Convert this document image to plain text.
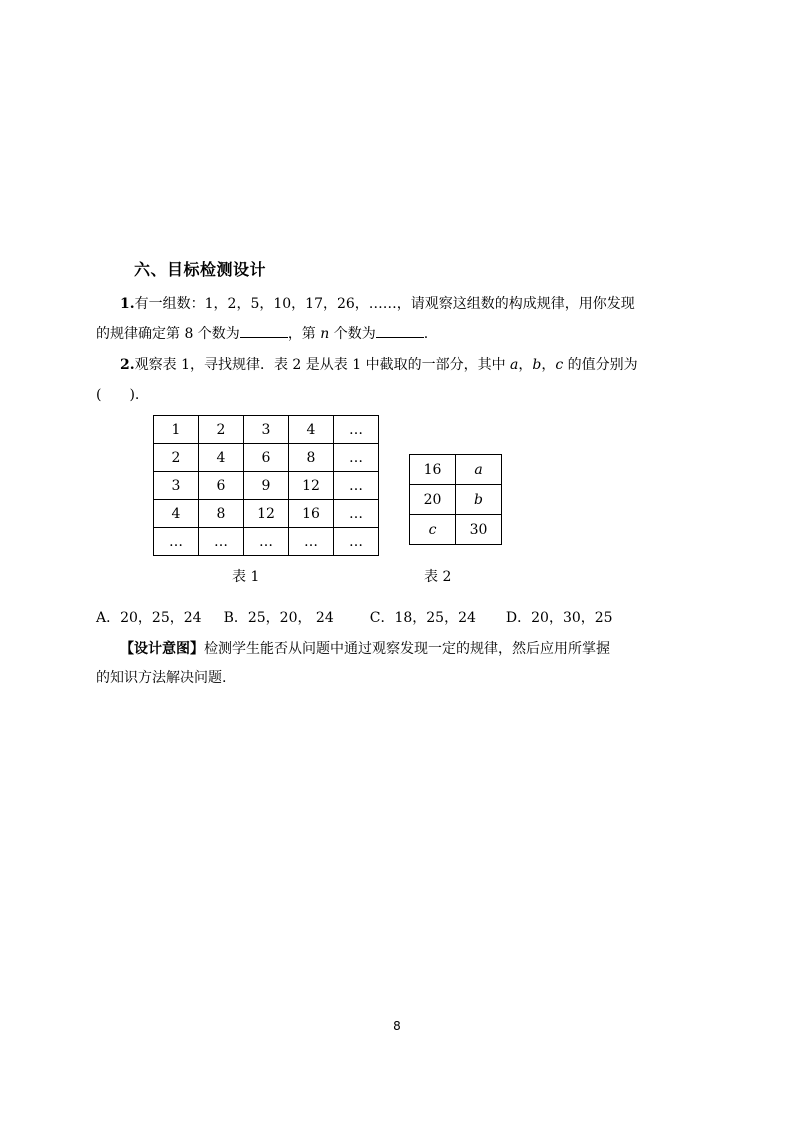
六、目标检测设计
1.有一组数：1，2，5，10，17，26，……，请观察这组数的构成规律，用你发现
的规律确定第 8 个数为	，第 n 个数为	.
2.观察表 1，寻找规律．表 2 是从表 1 中截取的一部分，其中 a，b，c 的值分别为
(　　).
1	2	3	4	…
2	4	6	8	…
3	6	9	12	…
4	8	12	16	…
…	…	…	…	…
16	a
20	b
c	30
表 1	表 2
A．20，25，24 B．25，20， 24	C．18，25，24 D．20，30，25
【设计意图】检测学生能否从问题中通过观察发现一定的规律，然后应用所掌握
的知识方法解决问题.
8
